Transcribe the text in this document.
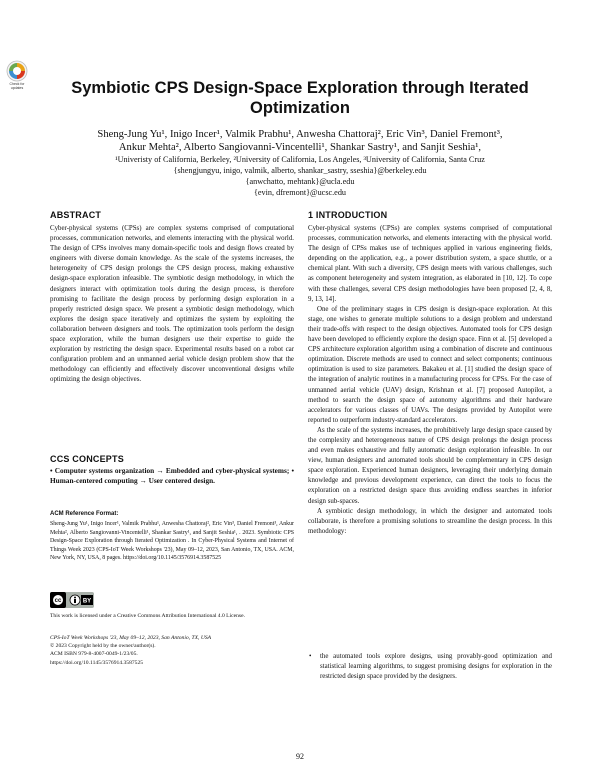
Check for updates	Symbiotic CPS Design-Space Exploration through Iterated Optimization
Sheng-Jung Yu¹, Inigo Incer¹, Valmik Prabhu¹, Anwesha Chattoraj², Eric Vin³, Daniel Fremont³,
Ankur Mehta², Alberto Sangiovanni-Vincentelli¹, Shankar Sastry¹, and Sanjit Seshia¹,
¹Univeristy of California, Berkeley, ²University of California, Los Angeles, ³University of California, Santa Cruz
{shengjungyu, inigo, valmik, alberto, shankar_sastry, sseshia}@berkeley.edu
{anwchatto, mehtank}@ucla.edu
{evin, dfremont}@ucsc.edu
ABSTRACT

Cyber-physical systems (CPSs) are complex systems comprised of computational processes, communication networks, and elements interacting with the physical world. The design of CPSs involves many domain-specific tools and design flows created by engineers with diverse domain knowledge. As the scale of the systems increases, the heterogeneity of CPS design prolongs the CPS design process, making exhaustive design-space exploration infeasible. The symbiotic design methodology, in which the designers interact with optimization tools during the design process, is therefore promising to facilitate the design process by performing design exploration in a properly restricted design space. We present a symbiotic design methodology, which explores the design space iteratively and optimizes the system by exploiting the collaboration between designers and tools. The optimization tools perform the design space exploration, while the human designers use their expertise to guide the exploration by restricting the design space. Experimental results based on a robot car configuration problem and an unmanned aerial vehicle design problem show that the methodology can efficiently and effectively discover unconventional designs while optimizing the design objectives.

CCS CONCEPTS
• Computer systems organization → Embedded and cyber-physical systems; • Human-centered computing → User centered design.
ACM Reference Format:
Sheng-Jung Yu¹, Inigo Incer¹, Valmik Prabhu¹, Anwesha Chattoraj², Eric Vin³, Daniel Fremont³, Ankur Mehta², Alberto Sangiovanni-Vincentelli¹, Shankar Sastry¹, and Sanjit Seshia¹, . 2023. Symbiotic CPS Design-Space Exploration through Iterated Optimization . In Cyber-Physical Systems and Internet of Things Week 2023 (CPS-IoT Week Workshops '23), May 09–12, 2023, San Antonio, TX, USA. ACM, New York, NY, USA, 8 pages. https://doi.org/10.1145/3576914.3587525
cc	BY
This work is licensed under a Creative Commons Attribution International 4.0 License.
CPS-IoT Week Workshops '23, May 09–12, 2023, San Antonio, TX, USA
© 2023 Copyright held by the owner/author(s).
ACM ISBN 979-8-4007-0049-1/23/05.
https://doi.org/10.1145/3576914.3587525
1 INTRODUCTION

Cyber-physical systems (CPSs) are complex systems comprised of computational processes, communication networks, and elements interacting with the physical world. The design of CPSs makes use of techniques applied in various engineering fields, depending on the application, e.g., a power distribution system, a space shuttle, or a chemical plant. With such a diversity, CPS design meets with various challenges, such as component heterogeneity and system integration, as elaborated in [10, 12]. To cope with these challenges, several CPS design methodologies have been proposed [2, 4, 8, 9, 13, 14].

One of the preliminary stages in CPS design is design-space exploration. At this stage, one wishes to generate multiple solutions to a design problem and understand their trade-offs with respect to the design objectives. Automated tools for CPS design have been developed to efficiently explore the design space. Finn et al. [5] developed a CPS architecture exploration algorithm using a combination of discrete and continuous optimization. Discrete methods are used to connect and select components; continuous optimization is used to size parameters. Bakakeu et al. [1] studied the design space of the integration of analytic routines in a manufacturing process for CPSs. For the case of unmanned aerial vehicle (UAV) design, Krishnan et al. [7] proposed Autopilot, a method to search the design space of autonomy algorithms and their hardware accelerators for various classes of UAVs. The designs provided by Autopilot were reported to outperform industry-standard accelerators.

As the scale of the systems increases, the prohibitively large design space caused by the complexity and heterogeneous nature of CPS design prolongs the design process and even makes exhaustive and fully automatic design exploration infeasible. In our view, human designers and automated tools should be complementary in CPS design space exploration. Experienced human designers, leveraging their underlying domain knowledge and previous development experience, can direct the tools to focus the exploration on a restricted design space thus avoiding endless searches in inferior design sub-spaces.

A symbiotic design methodology, in which the designer and automated tools collaborate, is therefore a promising solutions to streamline the design process. In this methodology:

• the automated tools explore designs, using provably-good optimization and statistical learning algorithms, to suggest promising designs for exploration in the restricted design space provided by the designers.
92
